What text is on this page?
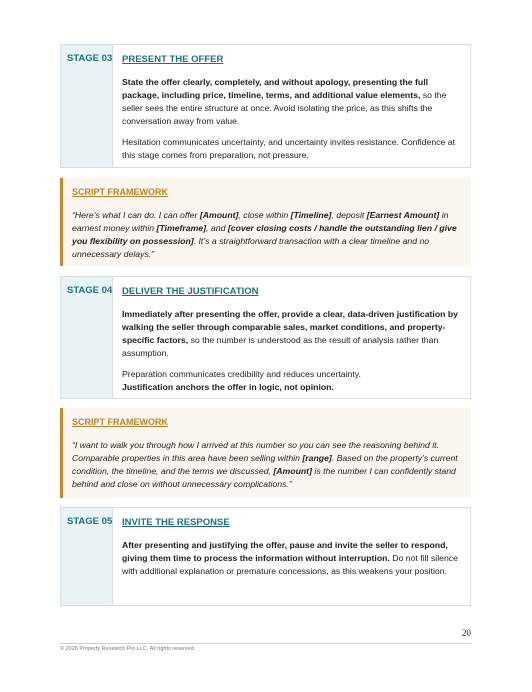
STAGE 03 PRESENT THE OFFER

State the offer clearly, completely, and without apology, presenting the full package, including price, timeline, terms, and additional value elements, so the seller sees the entire structure at once. Avoid isolating the price, as this shifts the conversation away from value.

Hesitation communicates uncertainty, and uncertainty invites resistance. Confidence at this stage comes from preparation, not pressure.

SCRIPT FRAMEWORK
“Here’s what I can do. I can offer [Amount], close within [Timeline], deposit [Earnest Amount] in earnest money within [Timeframe], and [cover closing costs / handle the outstanding lien / give you flexibility on possession]. It’s a straightforward transaction with a clear timeline and no unnecessary delays.”
STAGE 04 DELIVER THE JUSTIFICATION

Immediately after presenting the offer, provide a clear, data-driven justification by walking the seller through comparable sales, market conditions, and property-specific factors, so the number is understood as the result of analysis rather than assumption.

Preparation communicates credibility and reduces uncertainty.
Justification anchors the offer in logic, not opinion.

SCRIPT FRAMEWORK
“I want to walk you through how I arrived at this number so you can see the reasoning behind it. Comparable properties in this area have been selling within [range]. Based on the property’s current condition, the timeline, and the terms we discussed, [Amount] is the number I can confidently stand behind and close on without unnecessary complications.”
STAGE 05 INVITE THE RESPONSE

After presenting and justifying the offer, pause and invite the seller to respond, giving them time to process the information without interruption. Do not fill silence with additional explanation or premature concessions, as this weakens your position.

20
© 2026 Property Research Pro LLC. All rights reserved.
